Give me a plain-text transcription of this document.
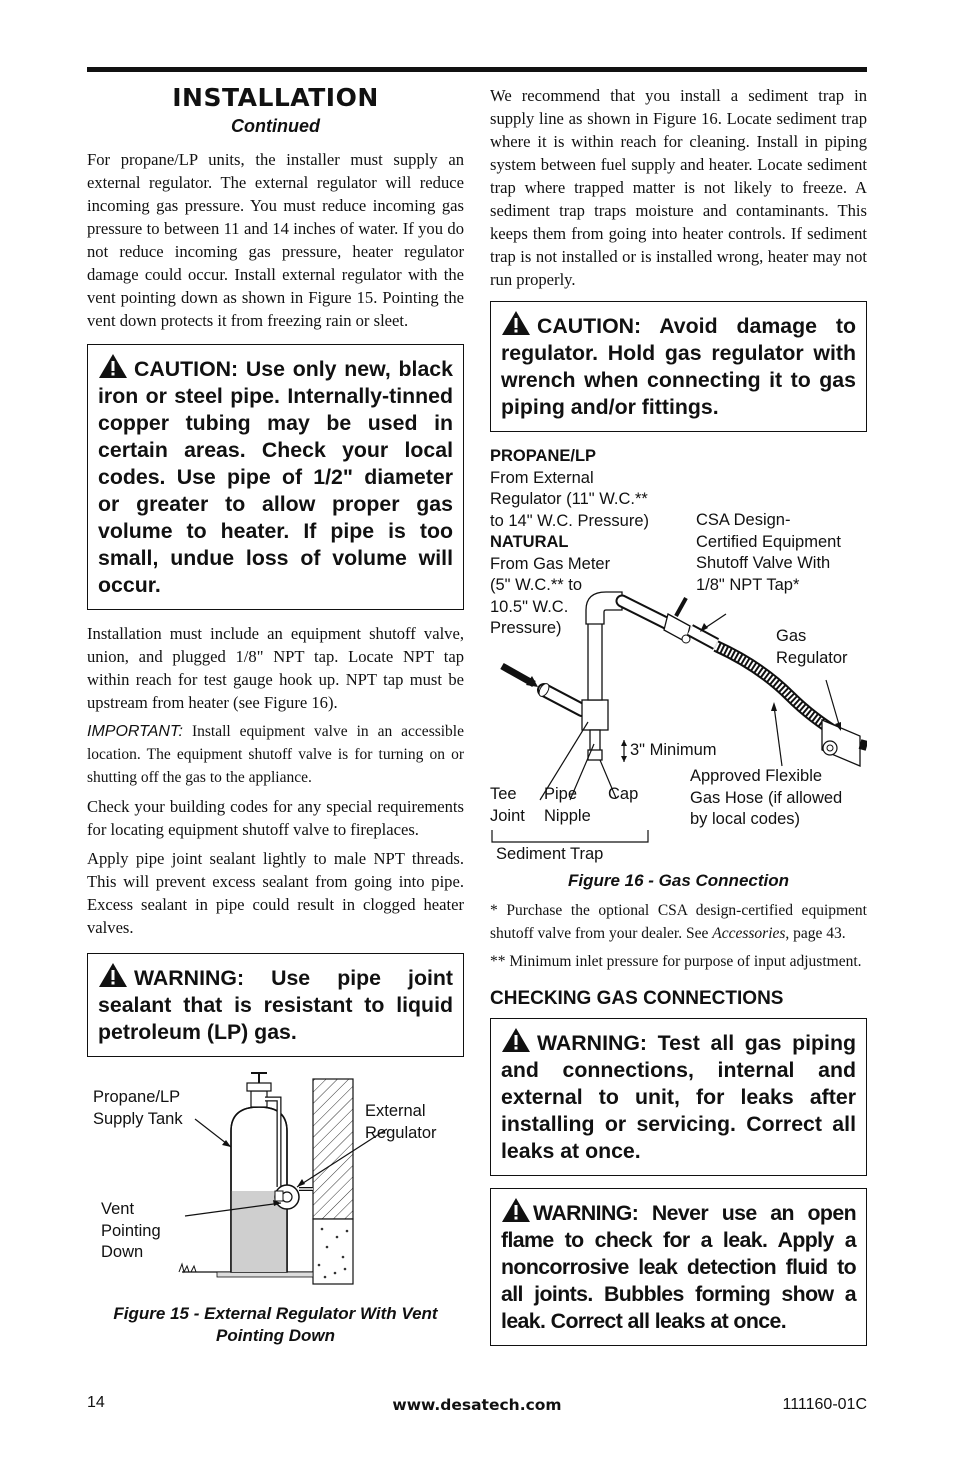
INSTALLATION
Continued

For propane/LP units, the installer must supply an external regulator. The external regulator will reduce incoming gas pressure. You must reduce incoming gas pressure to between 11 and 14 inches of water. If you do not reduce incoming gas pressure, heater regulator damage could occur. Install external regulator with the vent pointing down as shown in Figure 15. Pointing the vent down protects it from freezing rain or sleet.

CAUTION: Use only new, black iron or steel pipe. Internally-tinned copper tubing may be used in certain areas. Check your local codes. Use pipe of 1/2" diameter or greater to allow proper gas volume to heater. If pipe is too small, undue loss of volume will occur.

Installation must include an equipment shutoff valve, union, and plugged 1/8" NPT tap. Locate NPT tap within reach for test gauge hook up. NPT tap must be upstream from heater (see Figure 16).

IMPORTANT: Install equipment valve in an accessible location. The equipment shutoff valve is for turning on or shutting off the gas to the appliance.

Check your building codes for any special requirements for locating equipment shutoff valve to fireplaces.

Apply pipe joint sealant lightly to male NPT threads. This will prevent excess sealant from going into pipe. Excess sealant in pipe could result in clogged heater valves.

WARNING: Use pipe joint sealant that is resistant to liquid petroleum (LP) gas.
Propane/LP
Supply Tank	External
Regulator
Vent
Pointing
Down
Figure 15 - External Regulator With Vent
Pointing Down

We recommend that you install a sediment trap in supply line as shown in Figure 16. Locate sediment trap where it is within reach for cleaning. Install in piping system between fuel supply and heater. Locate sediment trap where trapped matter is not likely to freeze. A sediment trap traps moisture and contaminants. This keeps them from going into heater controls. If sediment trap is not installed or is installed wrong, heater may not run properly.

CAUTION: Avoid damage to regulator. Hold gas regulator with wrench when connecting it to gas piping and/or fittings.
PROPANE/LP
From External
Regulator (11" W.C.**
to 14" W.C. Pressure)
NATURAL
From Gas Meter
(5" W.C.** to
10.5" W.C.
Pressure)
CSA Design-
Certified Equipment
Shutoff Valve With
1/8" NPT Tap*
Gas
Regulator
3" Minimum
Approved Flexible
Gas Hose (if allowed
by local codes)
Tee
Joint
Pipe
Nipple
Cap
Sediment Trap
Figure 16 - Gas Connection

* Purchase the optional CSA design-certified equipment shutoff valve from your dealer. See Accessories, page 43.

** Minimum inlet pressure for purpose of input adjustment.

CHECKING GAS CONNECTIONS
WARNING: Test all gas piping and connections, internal and external to unit, for leaks after installing or servicing. Correct all leaks at once.
WARNING: Never use an open flame to check for a leak. Apply a noncorrosive leak detection fluid to all joints. Bubbles forming show a leak. Correct all leaks at once.
14	www.desatech.com	111160-01C
